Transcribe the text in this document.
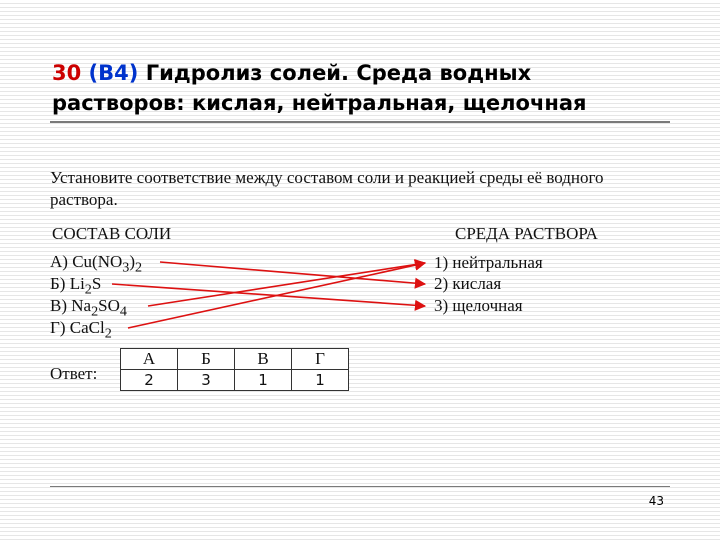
30 (В4) Гидролиз солей. Среда водных
растворов: кислая, нейтральная, щелочная
Установите соответствие между составом соли и реакцией среды её водного раствора.
СОСТАВ СОЛИ	СРЕДА РАСТВОРА
А) $Cu(NO_3)_2$
Б) $Li_2S$
В) $Na_2SO_4$
Г) CaCl$_2$
1) нейтральная
2) кислая
3) щелочная
Ответ:
А	Б	В	Г
2	3	1	1
43
